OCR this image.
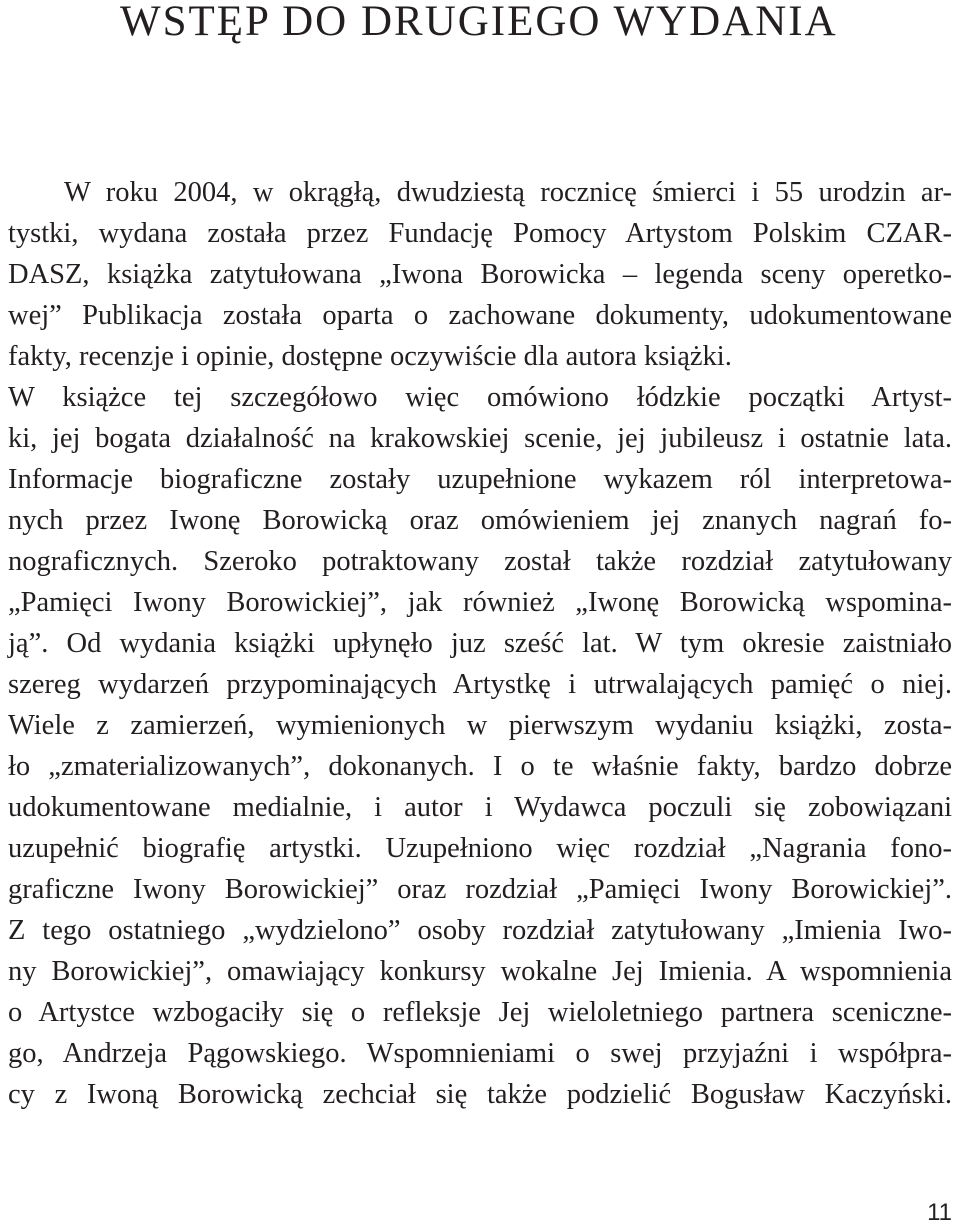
WSTĘP DO DRUGIEGO WYDANIA
W roku 2004, w okrągłą, dwudziestą rocznicę śmierci i 55 urodzin ar-
tystki, wydana została przez Fundację Pomocy Artystom Polskim CZAR-
DASZ, książka zatytułowana „Iwona Borowicka – legenda sceny operetko-
wej” Publikacja została oparta o zachowane dokumenty, udokumentowane
fakty, recenzje i opinie, dostępne oczywiście dla autora książki.
W książce tej szczegółowo więc omówiono łódzkie początki Artyst-
ki, jej bogata działalność na krakowskiej scenie, jej jubileusz i ostatnie lata.
Informacje biograficzne zostały uzupełnione wykazem ról interpretowa-
nych przez Iwonę Borowicką oraz omówieniem jej znanych nagrań fo-
nograficznych. Szeroko potraktowany został także rozdział zatytułowany
„Pamięci Iwony Borowickiej”, jak również „Iwonę Borowicką wspomina-
ją”. Od wydania książki upłynęło juz sześć lat. W tym okresie zaistniało
szereg wydarzeń przypominających Artystkę i utrwalających pamięć o niej.
Wiele z zamierzeń, wymienionych w pierwszym wydaniu książki, zosta-
ło „zmaterializowanych”, dokonanych. I o te właśnie fakty, bardzo dobrze
udokumentowane medialnie, i autor i Wydawca poczuli się zobowiązani
uzupełnić biografię artystki. Uzupełniono więc rozdział „Nagrania fono-
graficzne Iwony Borowickiej” oraz rozdział „Pamięci Iwony Borowickiej”.
Z tego ostatniego „wydzielono” osoby rozdział zatytułowany „Imienia Iwo-
ny Borowickiej”, omawiający konkursy wokalne Jej Imienia. A wspomnienia
o Artystce wzbogaciły się o refleksje Jej wieloletniego partnera sceniczne-
go, Andrzeja Pągowskiego. Wspomnieniami o swej przyjaźni i współpra-
cy z Iwoną Borowicką zechciał się także podzielić Bogusław Kaczyński.
11
